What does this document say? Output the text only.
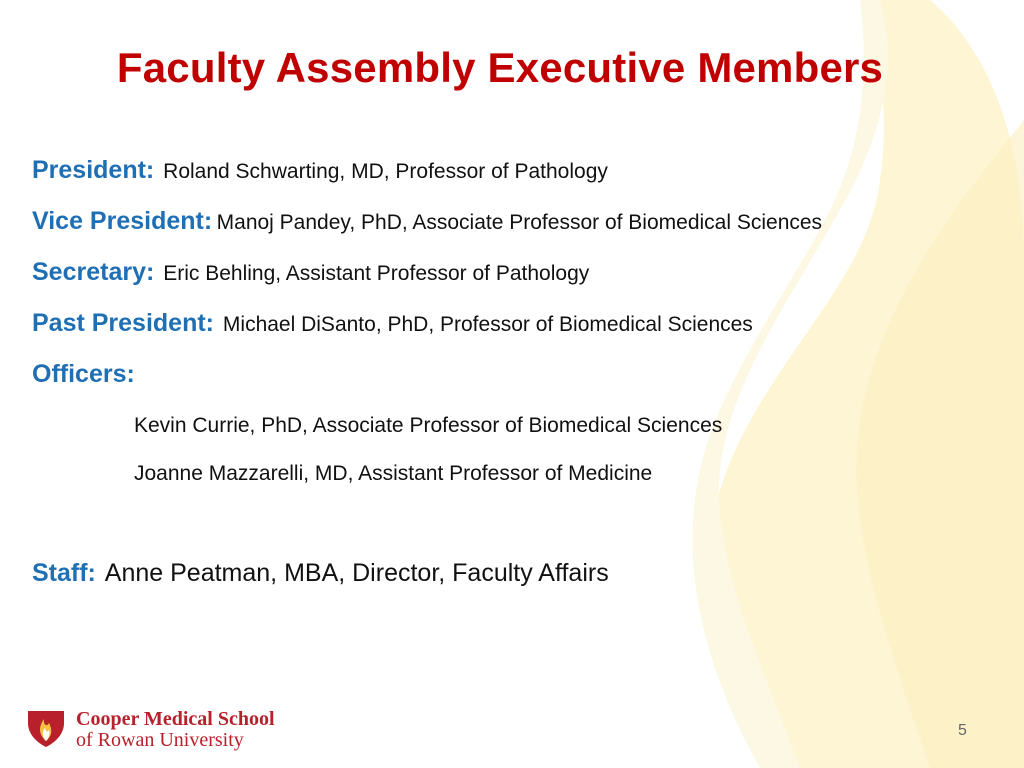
Faculty Assembly Executive Members
President: Roland Schwarting, MD, Professor of Pathology
Vice President: Manoj Pandey, PhD, Associate Professor of Biomedical Sciences
Secretary: Eric Behling, Assistant Professor of Pathology
Past President: Michael DiSanto, PhD, Professor of Biomedical Sciences
Officers:
Kevin Currie, PhD, Associate Professor of Biomedical Sciences
Joanne Mazzarelli, MD, Assistant Professor of Medicine
Staff: Anne Peatman, MBA, Director, Faculty Affairs
Cooper Medical School
of Rowan University	5
